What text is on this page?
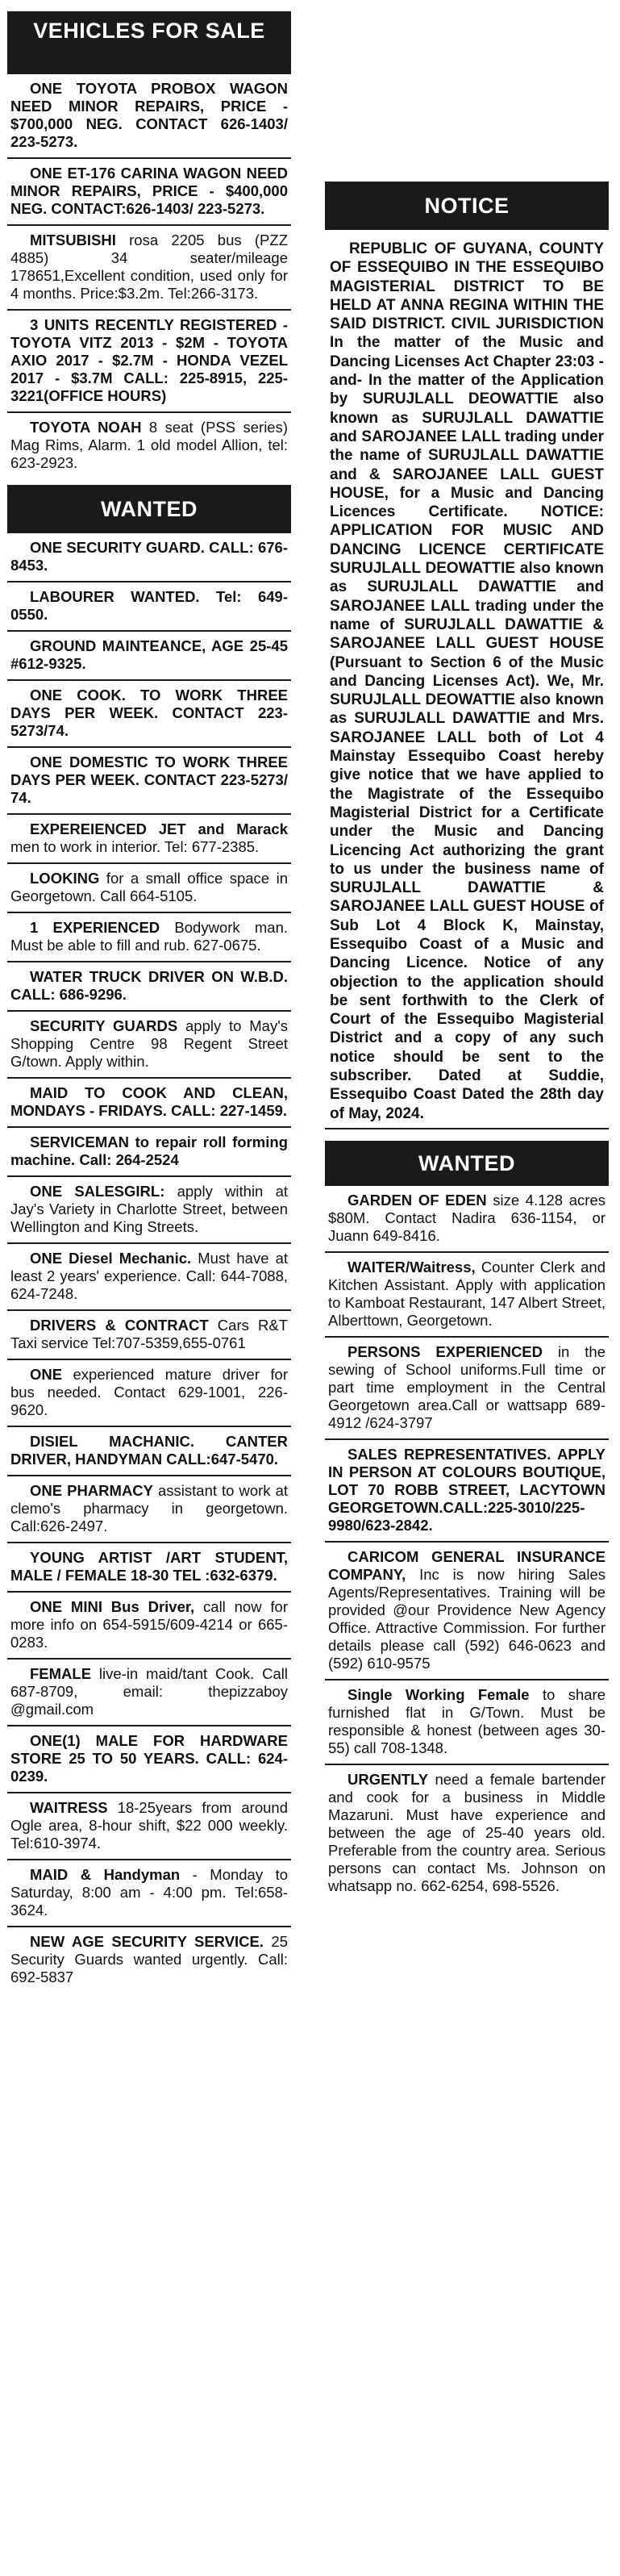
VEHICLES FOR SALE
ONE TOYOTA PROBOX WAGON NEED MINOR REPAIRS, PRICE - $700,000 NEG. CONTACT 626-1403/ 223-5273.
ONE ET-176 CARINA WAGON NEED MINOR REPAIRS, PRICE - $400,000 NEG. CONTACT:626-1403/ 223-5273.
MITSUBISHI rosa 2205 bus (PZZ 4885) 34 seater/mileage 178651,Excellent condition, used only for 4 months. Price:$3.2m. Tel:266-3173.
3 UNITS RECENTLY REGISTERED - TOYOTA VITZ 2013 - $2M - TOYOTA AXIO 2017 - $2.7M - HONDA VEZEL 2017 - $3.7M CALL: 225-8915, 225-3221(OFFICE HOURS)
TOYOTA NOAH 8 seat (PSS series) Mag Rims, Alarm. 1 old model Allion, tel: 623-2923.
WANTED
ONE SECURITY GUARD. CALL: 676-8453.
LABOURER WANTED. Tel: 649-0550.
GROUND MAINTEANCE, AGE 25-45 #612-9325.
ONE COOK. TO WORK THREE DAYS PER WEEK. CONTACT 223-5273/74.
ONE DOMESTIC TO WORK THREE DAYS PER WEEK. CONTACT 223-5273/ 74.
EXPEREIENCED JET and Marack men to work in interior. Tel: 677-2385.
LOOKING for a small office space in Georgetown. Call 664-5105.
1 EXPERIENCED Bodywork man. Must be able to fill and rub. 627-0675.
WATER TRUCK DRIVER ON W.B.D. CALL: 686-9296.
SECURITY GUARDS apply to May's Shopping Centre 98 Regent Street G/town. Apply within.
MAID TO COOK AND CLEAN, MONDAYS - FRIDAYS. CALL: 227-1459.
SERVICEMAN to repair roll forming machine. Call: 264-2524
ONE SALESGIRL: apply within at Jay's Variety in Charlotte Street, between Wellington and King Streets.
ONE Diesel Mechanic. Must have at least 2 years' experience. Call: 644-7088, 624-7248.
DRIVERS & CONTRACT Cars R&T Taxi service Tel:707-5359,655-0761
ONE experienced mature driver for bus needed. Contact 629-1001, 226-9620.
DISIEL MACHANIC. CANTER DRIVER, HANDYMAN CALL:647-5470.
ONE PHARMACY assistant to work at clemo's pharmacy in georgetown. Call:626-2497.
YOUNG ARTIST /ART STUDENT, MALE / FEMALE 18-30 TEL :632-6379.
ONE MINI Bus Driver, call now for more info on 654-5915/609-4214 or 665-0283.
FEMALE live-in maid/tant Cook. Call 687-8709, email: thepizzaboy @gmail.com
ONE(1) MALE FOR HARDWARE STORE 25 TO 50 YEARS. CALL: 624-0239.
WAITRESS 18-25years from around Ogle area, 8-hour shift, $22 000 weekly. Tel:610-3974.
MAID & Handyman - Monday to Saturday, 8:00 am - 4:00 pm. Tel:658-3624.
NEW AGE SECURITY SERVICE. 25 Security Guards wanted urgently. Call: 692-5837
NOTICE
REPUBLIC OF GUYANA, COUNTY OF ESSEQUIBO IN THE ESSEQUIBO MAGISTERIAL DISTRICT TO BE HELD AT ANNA REGINA WITHIN THE SAID DISTRICT. CIVIL JURISDICTION In the matter of the Music and Dancing Licenses Act Chapter 23:03 -and- In the matter of the Application by SURUJLALL DEOWATTIE also known as SURUJLALL DAWATTIE and SAROJANEE LALL trading under the name of SURUJLALL DAWATTIE and & SAROJANEE LALL GUEST HOUSE, for a Music and Dancing Licences Certificate. NOTICE: APPLICATION FOR MUSIC AND DANCING LICENCE CERTIFICATE SURUJLALL DEOWATTIE also known as SURUJLALL DAWATTIE and SAROJANEE LALL trading under the name of SURUJLALL DAWATTIE & SAROJANEE LALL GUEST HOUSE (Pursuant to Section 6 of the Music and Dancing Licenses Act). We, Mr. SURUJLALL DEOWATTIE also known as SURUJLALL DAWATTIE and Mrs. SAROJANEE LALL both of Lot 4 Mainstay Essequibo Coast hereby give notice that we have applied to the Magistrate of the Essequibo Magisterial District for a Certificate under the Music and Dancing Licencing Act authorizing the grant to us under the business name of SURUJLALL DAWATTIE & SAROJANEE LALL GUEST HOUSE of Sub Lot 4 Block K, Mainstay, Essequibo Coast of a Music and Dancing Licence. Notice of any objection to the application should be sent forthwith to the Clerk of Court of the Essequibo Magisterial District and a copy of any such notice should be sent to the subscriber. Dated at Suddie, Essequibo Coast Dated the 28th day of May, 2024.
WANTED
GARDEN OF EDEN size 4.128 acres $80M. Contact Nadira 636-1154, or Juann 649-8416.
WAITER/Waitress, Counter Clerk and Kitchen Assistant. Apply with application to Kamboat Restaurant, 147 Albert Street, Alberttown, Georgetown.
PERSONS EXPERIENCED in the sewing of School uniforms.Full time or part time employment in the Central Georgetown area.Call or wattsapp 689-4912 /624-3797
SALES REPRESENTATIVES. APPLY IN PERSON AT COLOURS BOUTIQUE, LOT 70 ROBB STREET, LACYTOWN GEORGETOWN.CALL:225-3010/225-9980/623-2842.
CARICOM GENERAL INSURANCE COMPANY, Inc is now hiring Sales Agents/Representatives. Training will be provided @our Providence New Agency Office. Attractive Commission. For further details please call (592) 646-0623 and (592) 610-9575
Single Working Female to share furnished flat in G/Town. Must be responsible & honest (between ages 30-55) call 708-1348.
URGENTLY need a female bartender and cook for a business in Middle Mazaruni. Must have experience and between the age of 25-40 years old. Preferable from the country area. Serious persons can contact Ms. Johnson on whatsapp no. 662-6254, 698-5526.
